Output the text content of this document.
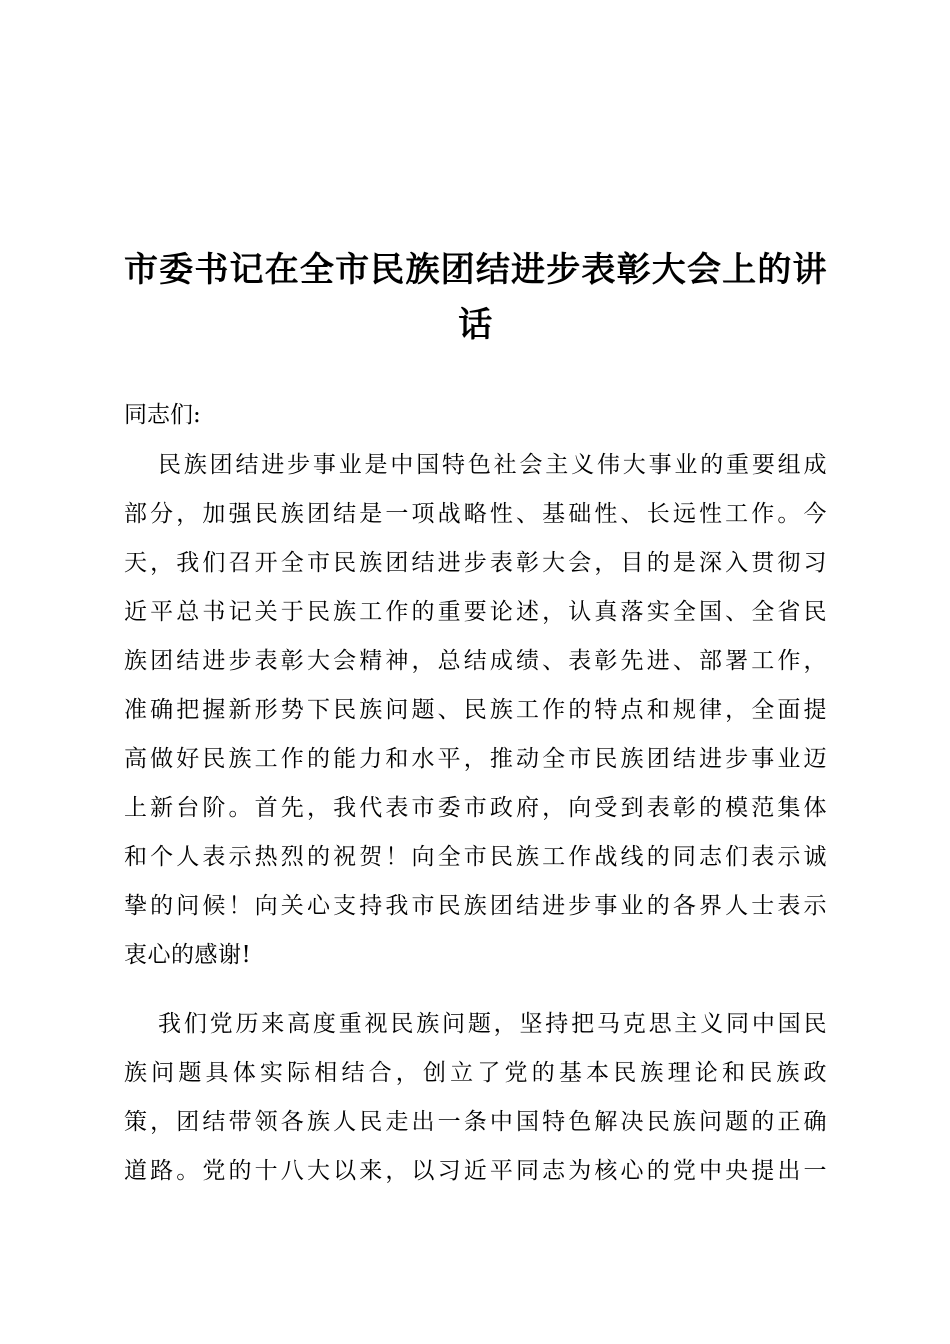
市委书记在全市民族团结进步表彰大会上的讲
话

同志们:

民族团结进步事业是中国特色社会主义伟大事业的重要组成
部分，加强民族团结是一项战略性、基础性、长远性工作。今
天，我们召开全市民族团结进步表彰大会，目的是深入贯彻习
近平总书记关于民族工作的重要论述，认真落实全国、全省民
族团结进步表彰大会精神，总结成绩、表彰先进、部署工作，
准确把握新形势下民族问题、民族工作的特点和规律，全面提
高做好民族工作的能力和水平，推动全市民族团结进步事业迈
上新台阶。首先，我代表市委市政府，向受到表彰的模范集体
和个人表示热烈的祝贺！向全市民族工作战线的同志们表示诚
挚的问候！向关心支持我市民族团结进步事业的各界人士表示
衷心的感谢!
我们党历来高度重视民族问题，坚持把马克思主义同中国民
族问题具体实际相结合，创立了党的基本民族理论和民族政
策，团结带领各族人民走出一条中国特色解决民族问题的正确
道路。党的十八大以来，以习近平同志为核心的党中央提出一
